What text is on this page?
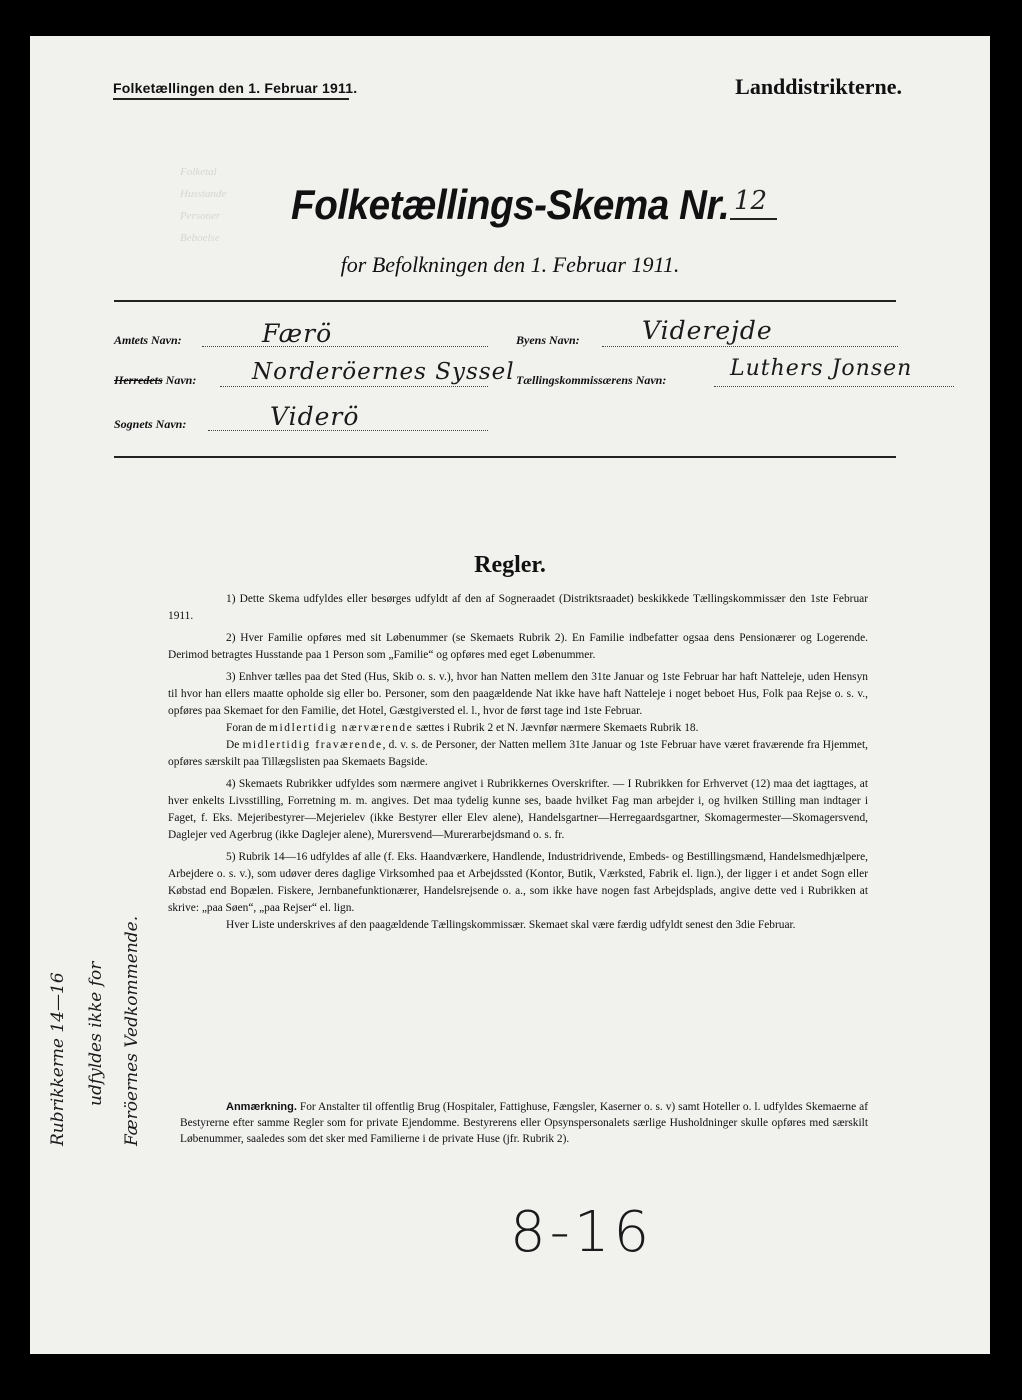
Folketællingen den 1. Februar 1911.	Landdistrikterne.
Folketal
Husstande
Personer
Beboelse
Folketællings-Skema Nr. 12
for Befolkningen den 1. Februar 1911.
Amtets Navn:	Færö
Herredets Navn: Norderöernes Syssel
Sognets Navn:	Viderö
Byens Navn: Viderejde
Tællingskommissærens Navn:	Luthers Jonsen
Regler.

1) Dette Skema udfyldes eller besørges udfyldt af den af Sogneraadet (Distriktsraadet) beskikkede Tællingskommissær den 1ste Februar 1911.

2) Hver Familie opføres med sit Løbenummer (se Skemaets Rubrik 2). En Familie indbefatter ogsaa dens Pensionærer og Logerende. Derimod betragtes Husstande paa 1 Person som „Familie“ og opføres med eget Løbenummer.

3) Enhver tælles paa det Sted (Hus, Skib o. s. v.), hvor han Natten mellem den 31te Januar og 1ste Februar har haft Natteleje, uden Hensyn til hvor han ellers maatte opholde sig eller bo. Personer, som den paagældende Nat ikke have haft Natteleje i noget beboet Hus, Folk paa Rejse o. s. v., opføres paa Skemaet for den Familie, det Hotel, Gæstgiversted el. l., hvor de først tage ind 1ste Februar.

Foran de midlertidig nærværende sættes i Rubrik 2 et N. Jævnfør nærmere Skemaets Rubrik 18.

De midlertidig fraværende, d. v. s. de Personer, der Natten mellem 31te Januar og 1ste Februar have været fraværende fra Hjemmet, opføres særskilt paa Tillægslisten paa Skemaets Bagside.

4) Skemaets Rubrikker udfyldes som nærmere angivet i Rubrikkernes Overskrifter. — I Rubrikken for Erhvervet (12) maa det iagttages, at hver enkelts Livsstilling, Forretning m. m. angives. Det maa tydelig kunne ses, baade hvilket Fag man arbejder i, og hvilken Stilling man indtager i Faget, f. Eks. Mejeribestyrer—Mejerielev (ikke Bestyrer eller Elev alene), Handelsgartner—Herregaardsgartner, Skomagermester—Skomagersvend, Daglejer ved Agerbrug (ikke Daglejer alene), Murersvend—Murerarbejdsmand o. s. fr.

5) Rubrik 14—16 udfyldes af alle (f. Eks. Haandværkere, Handlende, Industridrivende, Embeds- og Bestillingsmænd, Handelsmedhjælpere, Arbejdere o. s. v.), som udøver deres daglige Virksomhed paa et Arbejdssted (Kontor, Butik, Værksted, Fabrik el. lign.), der ligger i et andet Sogn eller Købstad end Bopælen. Fiskere, Jernbanefunktionærer, Handelsrejsende o. a., som ikke have nogen fast Arbejdsplads, angive dette ved i Rubrikken at skrive: „paa Søen“, „paa Rejser“ el. lign.

Hver Liste underskrives af den paagældende Tællingskommissær. Skemaet skal være færdig udfyldt senest den 3die Februar.

Anmærkning. For Anstalter til offentlig Brug (Hospitaler, Fattighuse, Fængsler, Kaserner o. s. v) samt Hoteller o. l. udfyldes Skemaerne af Bestyrerne efter samme Regler som for private Ejendomme. Bestyrerens eller Opsynspersonalets særlige Husholdninger skulle opføres med særskilt Løbenummer, saaledes som det sker med Familierne i de private Huse (jfr. Rubrik 2).

Rubrikkerne 14—16 udfyldes ikke for Færöernes Vedkommende.
8-16
